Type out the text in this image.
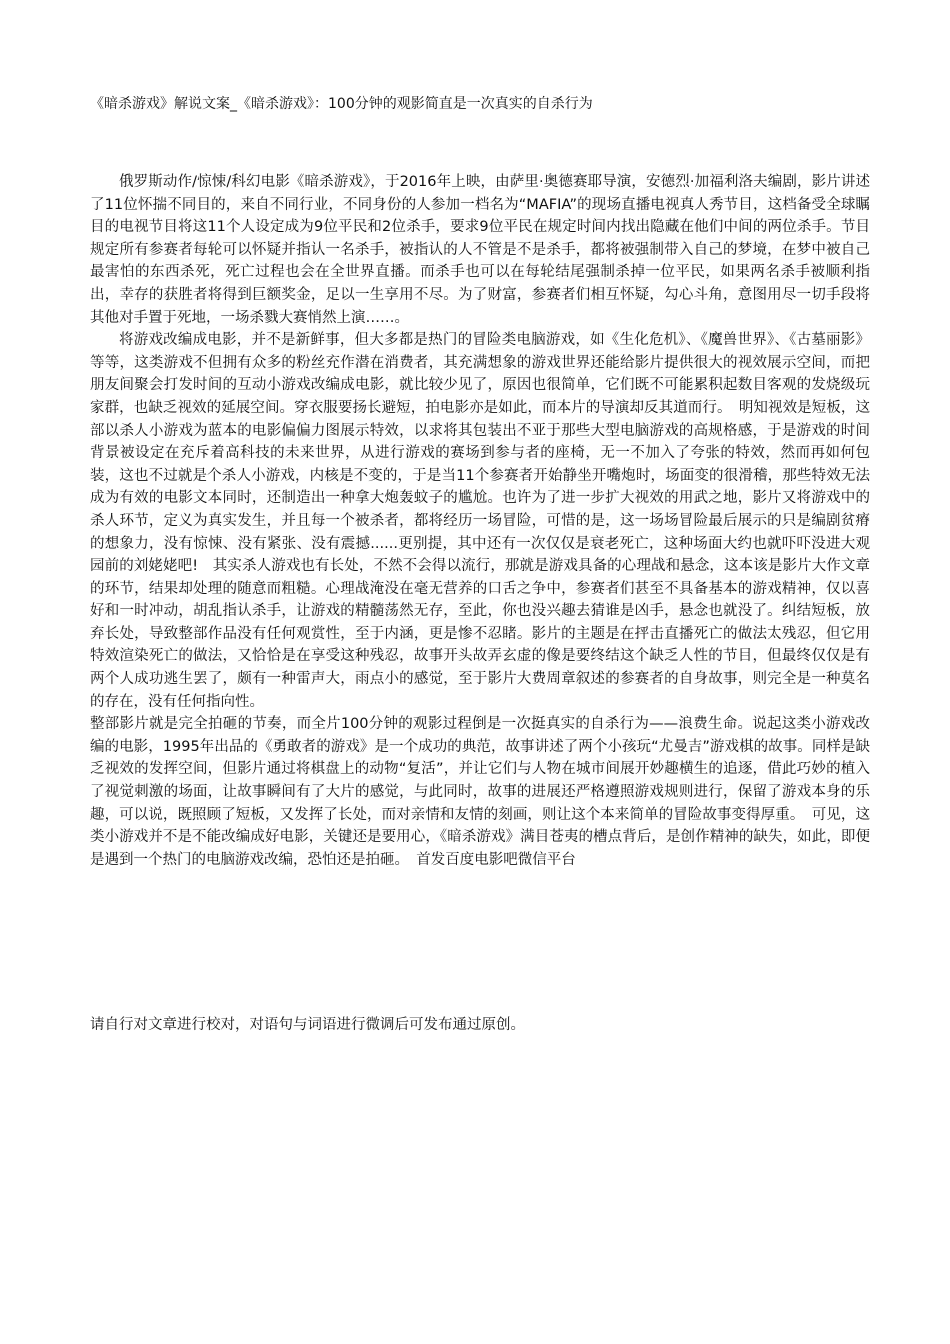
《暗杀游戏》解说文案_《暗杀游戏》：100分钟的观影简直是一次真实的自杀行为

俄罗斯动作/惊悚/科幻电影《暗杀游戏》，于2016年上映，由萨里·奥德赛耶导演，安德烈·加福利洛夫编剧，影片讲述了11位怀揣不同目的，来自不同行业，不同身份的人参加一档名为“MAFIA”的现场直播电视真人秀节目，这档备受全球瞩目的电视节目将这11个人设定成为9位平民和2位杀手，要求9位平民在规定时间内找出隐藏在他们中间的两位杀手。节目规定所有参赛者每轮可以怀疑并指认一名杀手，被指认的人不管是不是杀手，都将被强制带入自己的梦境，在梦中被自己最害怕的东西杀死，死亡过程也会在全世界直播。而杀手也可以在每轮结尾强制杀掉一位平民，如果两名杀手被顺利指出，幸存的获胜者将得到巨额奖金，足以一生享用不尽。为了财富，参赛者们相互怀疑，勾心斗角，意图用尽一切手段将其他对手置于死地，一场杀戮大赛悄然上演……。

将游戏改编成电影，并不是新鲜事，但大多都是热门的冒险类电脑游戏，如《生化危机》、《魔兽世界》、《古墓丽影》等等，这类游戏不但拥有众多的粉丝充作潜在消费者，其充满想象的游戏世界还能给影片提供很大的视效展示空间，而把朋友间聚会打发时间的互动小游戏改编成电影，就比较少见了，原因也很简单，它们既不可能累积起数目客观的发烧级玩家群，也缺乏视效的延展空间。穿衣服要扬长避短，拍电影亦是如此，而本片的导演却反其道而行。　明知视效是短板，这部以杀人小游戏为蓝本的电影偏偏力图展示特效，以求将其包装出不亚于那些大型电脑游戏的高规格感，于是游戏的时间背景被设定在充斥着高科技的未来世界，从进行游戏的赛场到参与者的座椅，无一不加入了夸张的特效，然而再如何包装，这也不过就是个杀人小游戏，内核是不变的，于是当11个参赛者开始静坐开嘴炮时，场面变的很滑稽，那些特效无法成为有效的电影文本同时，还制造出一种拿大炮轰蚊子的尴尬。也许为了进一步扩大视效的用武之地，影片又将游戏中的杀人环节，定义为真实发生，并且每一个被杀者，都将经历一场冒险，可惜的是，这一场场冒险最后展示的只是编剧贫瘠的想象力，没有惊悚、没有紧张、没有震撼......更别提，其中还有一次仅仅是衰老死亡，这种场面大约也就吓吓没进大观园前的刘姥姥吧!　其实杀人游戏也有长处，不然不会得以流行，那就是游戏具备的心理战和悬念，这本该是影片大作文章的环节，结果却处理的随意而粗糙。心理战淹没在毫无营养的口舌之争中，参赛者们甚至不具备基本的游戏精神，仅以喜好和一时冲动，胡乱指认杀手，让游戏的精髓荡然无存，至此，你也没兴趣去猜谁是凶手，悬念也就没了。纠结短板，放弃长处，导致整部作品没有任何观赏性，至于内涵，更是惨不忍睹。影片的主题是在抨击直播死亡的做法太残忍，但它用特效渲染死亡的做法，又恰恰是在享受这种残忍，故事开头故弄玄虚的像是要终结这个缺乏人性的节目，但最终仅仅是有两个人成功逃生罢了，颇有一种雷声大，雨点小的感觉，至于影片大费周章叙述的参赛者的自身故事，则完全是一种莫名的存在，没有任何指向性。

整部影片就是完全拍砸的节奏，而全片100分钟的观影过程倒是一次挺真实的自杀行为——浪费生命。说起这类小游戏改编的电影，1995年出品的《勇敢者的游戏》是一个成功的典范，故事讲述了两个小孩玩“尤曼吉”游戏棋的故事。同样是缺乏视效的发挥空间，但影片通过将棋盘上的动物“复活”，并让它们与人物在城市间展开妙趣横生的追逐，借此巧妙的植入了视觉刺激的场面，让故事瞬间有了大片的感觉，与此同时，故事的进展还严格遵照游戏规则进行，保留了游戏本身的乐趣，可以说，既照顾了短板，又发挥了长处，而对亲情和友情的刻画，则让这个本来简单的冒险故事变得厚重。　可见，这类小游戏并不是不能改编成好电影，关键还是要用心，《暗杀游戏》满目苍夷的槽点背后，是创作精神的缺失，如此，即便是遇到一个热门的电脑游戏改编，恐怕还是拍砸。　首发百度电影吧微信平台

请自行对文章进行校对，对语句与词语进行微调后可发布通过原创。
